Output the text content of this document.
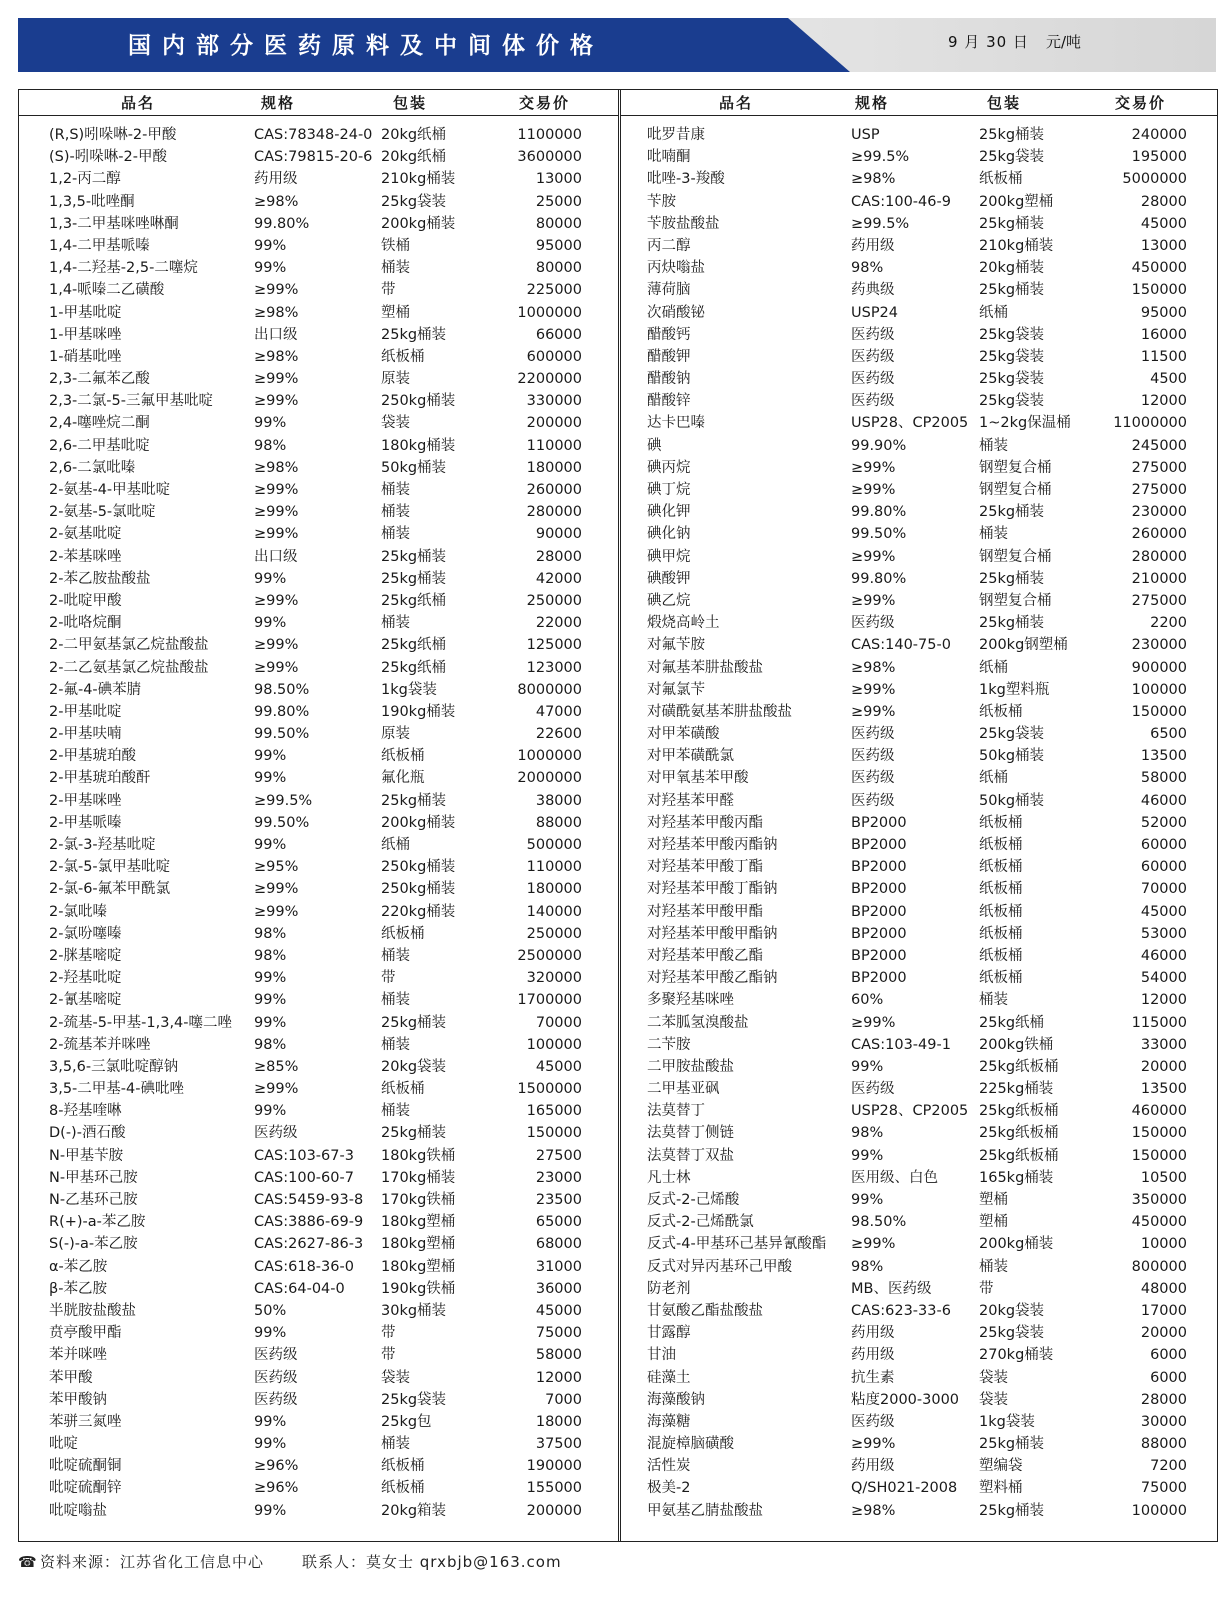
国内部分医药原料及中间体价格	9 月 30 日 元/吨
品名	规格	包装	交易价
(R,S)吲哚啉-2-甲酸	CAS:78348-24-0 20kg纸桶	1100000
(S)-吲哚啉-2-甲酸	CAS:79815-20-6 20kg纸桶	3600000
1,2-丙二醇	药用级	210kg桶装	13000
1,3,5-吡唑酮	≥98%	25kg袋装	25000
1,3-二甲基咪唑啉酮	99.80%	200kg桶装	80000
1,4-二甲基哌嗪	99%	铁桶	95000
1,4-二羟基-2,5-二噻烷	99%	桶装	80000
1,4-哌嗪二乙磺酸	≥99%	带	225000
1-甲基吡啶	≥98%	塑桶	1000000
1-甲基咪唑	出口级	25kg桶装	66000
1-硝基吡唑	≥98%	纸板桶	600000
2,3-二氟苯乙酸	≥99%	原装	2200000
2,3-二氯-5-三氟甲基吡啶	≥99%	250kg桶装	330000
2,4-噻唑烷二酮	99%	袋装	200000
2,6-二甲基吡啶	98%	180kg桶装	110000
2,6-二氯吡嗪	≥98%	50kg桶装	180000
2-氨基-4-甲基吡啶	≥99%	桶装	260000
2-氨基-5-氯吡啶	≥99%	桶装	280000
2-氨基吡啶	≥99%	桶装	90000
2-苯基咪唑	出口级	25kg桶装	28000
2-苯乙胺盐酸盐	99%	25kg桶装	42000
2-吡啶甲酸	≥99%	25kg纸桶	250000
2-吡咯烷酮	99%	桶装	22000
2-二甲氨基氯乙烷盐酸盐	≥99%	25kg纸桶	125000
2-二乙氨基氯乙烷盐酸盐	≥99%	25kg纸桶	123000
2-氟-4-碘苯腈	98.50%	1kg袋装	8000000
2-甲基吡啶	99.80%	190kg桶装	47000
2-甲基呋喃	99.50%	原装	22600
2-甲基琥珀酸	99%	纸板桶	1000000
2-甲基琥珀酸酐	99%	氟化瓶	2000000
2-甲基咪唑	≥99.5%	25kg桶装	38000
2-甲基哌嗪	99.50%	200kg桶装	88000
2-氯-3-羟基吡啶	99%	纸桶	500000
2-氯-5-氯甲基吡啶	≥95%	250kg桶装	110000
2-氯-6-氟苯甲酰氯	≥99%	250kg桶装	180000
2-氯吡嗪	≥99%	220kg桶装	140000
2-氯吩噻嗪	98%	纸板桶	250000
2-脒基嘧啶	98%	桶装	2500000
2-羟基吡啶	99%	带	320000
2-氰基嘧啶	99%	桶装	1700000
2-巯基-5-甲基-1,3,4-噻二唑 99%	25kg桶装	70000
2-巯基苯并咪唑	98%	桶装	100000
3,5,6-三氯吡啶醇钠	≥85%	20kg袋装	45000
3,5-二甲基-4-碘吡唑	≥99%	纸板桶	1500000
8-羟基喹啉	99%	桶装	165000
D(-)-酒石酸	医药级	25kg桶装	150000
N-甲基苄胺	CAS:103-67-3 180kg铁桶	27500
N-甲基环己胺	CAS:100-60-7 170kg桶装	23000
N-乙基环己胺	CAS:5459-93-8 170kg铁桶	23500
R(+)-a-苯乙胺	CAS:3886-69-9 180kg塑桶	65000
S(-)-a-苯乙胺	CAS:2627-86-3 180kg塑桶	68000
α-苯乙胺	CAS:618-36-0 180kg塑桶	31000
β-苯乙胺	CAS:64-04-0	190kg铁桶	36000
半胱胺盐酸盐	50%	30kg桶装	45000
贲亭酸甲酯	99%	带	75000
苯并咪唑	医药级	带	58000
苯甲酸	医药级	袋装	12000
苯甲酸钠	医药级	25kg袋装	7000
苯骈三氮唑	99%	25kg包	18000
吡啶	99%	桶装	37500
吡啶硫酮铜	≥96%	纸板桶	190000
吡啶硫酮锌	≥96%	纸板桶	155000
吡啶嗡盐	99%	20kg箱装	200000
品名	规格	包装	交易价
吡罗昔康	USP	25kg桶装	240000
吡喃酮	≥99.5%	25kg袋装	195000
吡唑-3-羧酸	≥98%	纸板桶	5000000
苄胺	CAS:100-46-9 200kg塑桶	28000
苄胺盐酸盐	≥99.5%	25kg桶装	45000
丙二醇	药用级	210kg桶装	13000
丙炔嗡盐	98%	20kg桶装	450000
薄荷脑	药典级	25kg桶装	150000
次硝酸铋	USP24	纸桶	95000
醋酸钙	医药级	25kg袋装	16000
醋酸钾	医药级	25kg袋装	11500
醋酸钠	医药级	25kg袋装	4500
醋酸锌	医药级	25kg袋装	12000
达卡巴嗪	USP28、CP2005 1~2kg保温桶	11000000
碘	99.90%	桶装	245000
碘丙烷	≥99%	钢塑复合桶	275000
碘丁烷	≥99%	钢塑复合桶	275000
碘化钾	99.80%	25kg桶装	230000
碘化钠	99.50%	桶装	260000
碘甲烷	≥99%	钢塑复合桶	280000
碘酸钾	99.80%	25kg桶装	210000
碘乙烷	≥99%	钢塑复合桶	275000
煅烧高岭土	医药级	25kg桶装	2200
对氟苄胺	CAS:140-75-0 200kg钢塑桶	230000
对氟基苯肼盐酸盐	≥98%	纸桶	900000
对氟氯苄	≥99%	1kg塑料瓶	100000
对磺酰氨基苯肼盐酸盐	≥99%	纸板桶	150000
对甲苯磺酸	医药级	25kg袋装	6500
对甲苯磺酰氯	医药级	50kg桶装	13500
对甲氧基苯甲酸	医药级	纸桶	58000
对羟基苯甲醛	医药级	50kg桶装	46000
对羟基苯甲酸丙酯	BP2000	纸板桶	52000
对羟基苯甲酸丙酯钠	BP2000	纸板桶	60000
对羟基苯甲酸丁酯	BP2000	纸板桶	60000
对羟基苯甲酸丁酯钠	BP2000	纸板桶	70000
对羟基苯甲酸甲酯	BP2000	纸板桶	45000
对羟基苯甲酸甲酯钠	BP2000	纸板桶	53000
对羟基苯甲酸乙酯	BP2000	纸板桶	46000
对羟基苯甲酸乙酯钠	BP2000	纸板桶	54000
多聚羟基咪唑	60%	桶装	12000
二苯胍氢溴酸盐	≥99%	25kg纸桶	115000
二苄胺	CAS:103-49-1 200kg铁桶	33000
二甲胺盐酸盐	99%	25kg纸板桶	20000
二甲基亚砜	医药级	225kg桶装	13500
法莫替丁	USP28、CP2005 25kg纸板桶	460000
法莫替丁侧链	98%	25kg纸板桶	150000
法莫替丁双盐	99%	25kg纸板桶	150000
凡士林	医用级、白色	165kg桶装	10500
反式-2-己烯酸	99%	塑桶	350000
反式-2-己烯酰氯	98.50%	塑桶	450000
反式-4-甲基环己基异氰酸酯 ≥99%	200kg桶装	10000
反式对异丙基环己甲酸	98%	桶装	800000
防老剂	MB、医药级	带	48000
甘氨酸乙酯盐酸盐	CAS:623-33-6 20kg袋装	17000
甘露醇	药用级	25kg袋装	20000
甘油	药用级	270kg桶装	6000
硅藻土	抗生素	袋装	6000
海藻酸钠	粘度2000-3000 袋装	28000
海藻糖	医药级	1kg袋装	30000
混旋樟脑磺酸	≥99%	25kg桶装	88000
活性炭	药用级	塑编袋	7200
极美-2	Q/SH021-2008 塑料桶	75000
甲氨基乙腈盐酸盐	≥98%	25kg桶装	100000
☎ 资料来源：江苏省化工信息中心	联系人：莫女士 qrxbjb@163.com
